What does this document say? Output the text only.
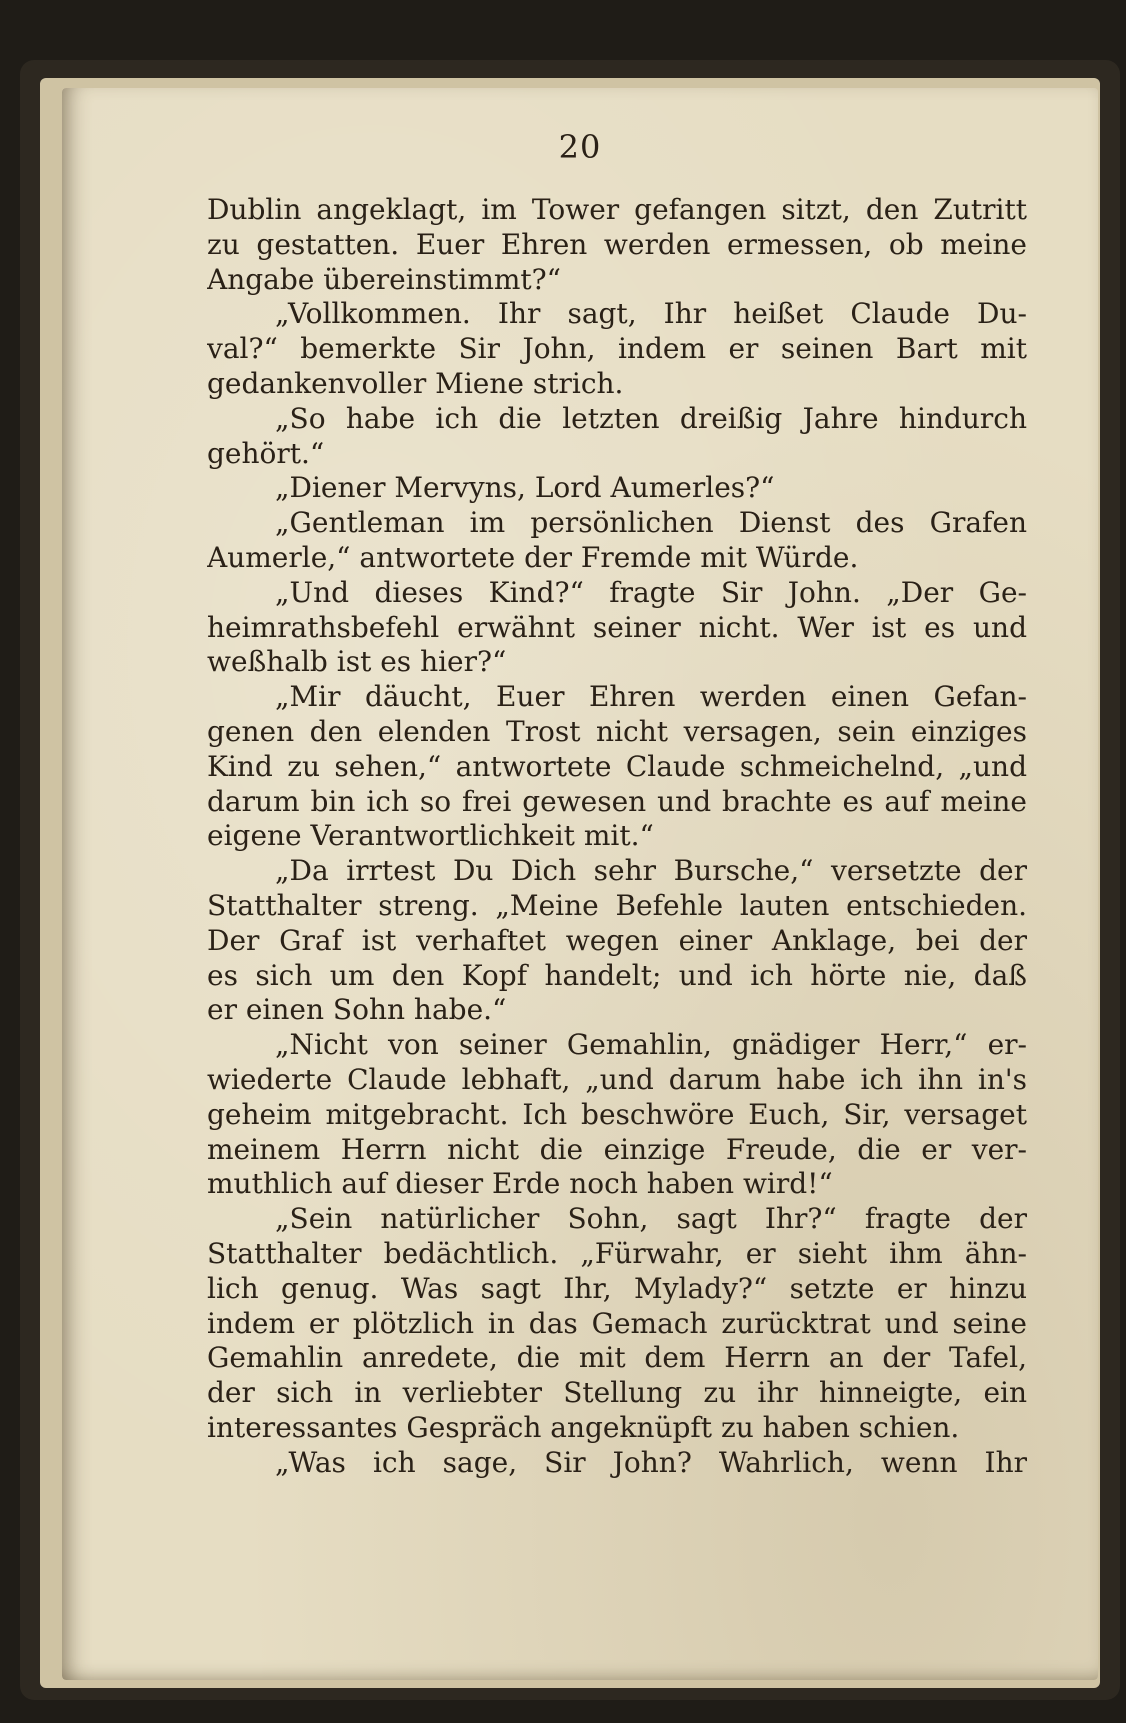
20
Dublin angeklagt, im Tower gefangen sitzt, den Zutritt
zu gestatten. Euer Ehren werden ermessen, ob meine
Angabe übereinstimmt?“
„Vollkommen. Ihr sagt, Ihr heißet Claude Du-
val?“ bemerkte Sir John, indem er seinen Bart mit
gedankenvoller Miene strich.
„So habe ich die letzten dreißig Jahre hindurch
gehört.“
„Diener Mervyns, Lord Aumerles?“
„Gentleman im persönlichen Dienst des Grafen
Aumerle,“ antwortete der Fremde mit Würde.
„Und dieses Kind?“ fragte Sir John. „Der Ge-
heimrathsbefehl erwähnt seiner nicht. Wer ist es und
weßhalb ist es hier?“
„Mir däucht, Euer Ehren werden einen Gefan-
genen den elenden Trost nicht versagen, sein einziges
Kind zu sehen,“ antwortete Claude schmeichelnd, „und
darum bin ich so frei gewesen und brachte es auf meine
eigene Verantwortlichkeit mit.“
„Da irrtest Du Dich sehr Bursche,“ versetzte der
Statthalter streng. „Meine Befehle lauten entschieden.
Der Graf ist verhaftet wegen einer Anklage, bei der
es sich um den Kopf handelt; und ich hörte nie, daß
er einen Sohn habe.“
„Nicht von seiner Gemahlin, gnädiger Herr,“ er-
wiederte Claude lebhaft, „und darum habe ich ihn in's
geheim mitgebracht. Ich beschwöre Euch, Sir, versaget
meinem Herrn nicht die einzige Freude, die er ver-
muthlich auf dieser Erde noch haben wird!“
„Sein natürlicher Sohn, sagt Ihr?“ fragte der
Statthalter bedächtlich. „Fürwahr, er sieht ihm ähn-
lich genug. Was sagt Ihr, Mylady?“ setzte er hinzu
indem er plötzlich in das Gemach zurücktrat und seine
Gemahlin anredete, die mit dem Herrn an der Tafel,
der sich in verliebter Stellung zu ihr hinneigte, ein
interessantes Gespräch angeknüpft zu haben schien.
„Was ich sage, Sir John? Wahrlich, wenn Ihr
